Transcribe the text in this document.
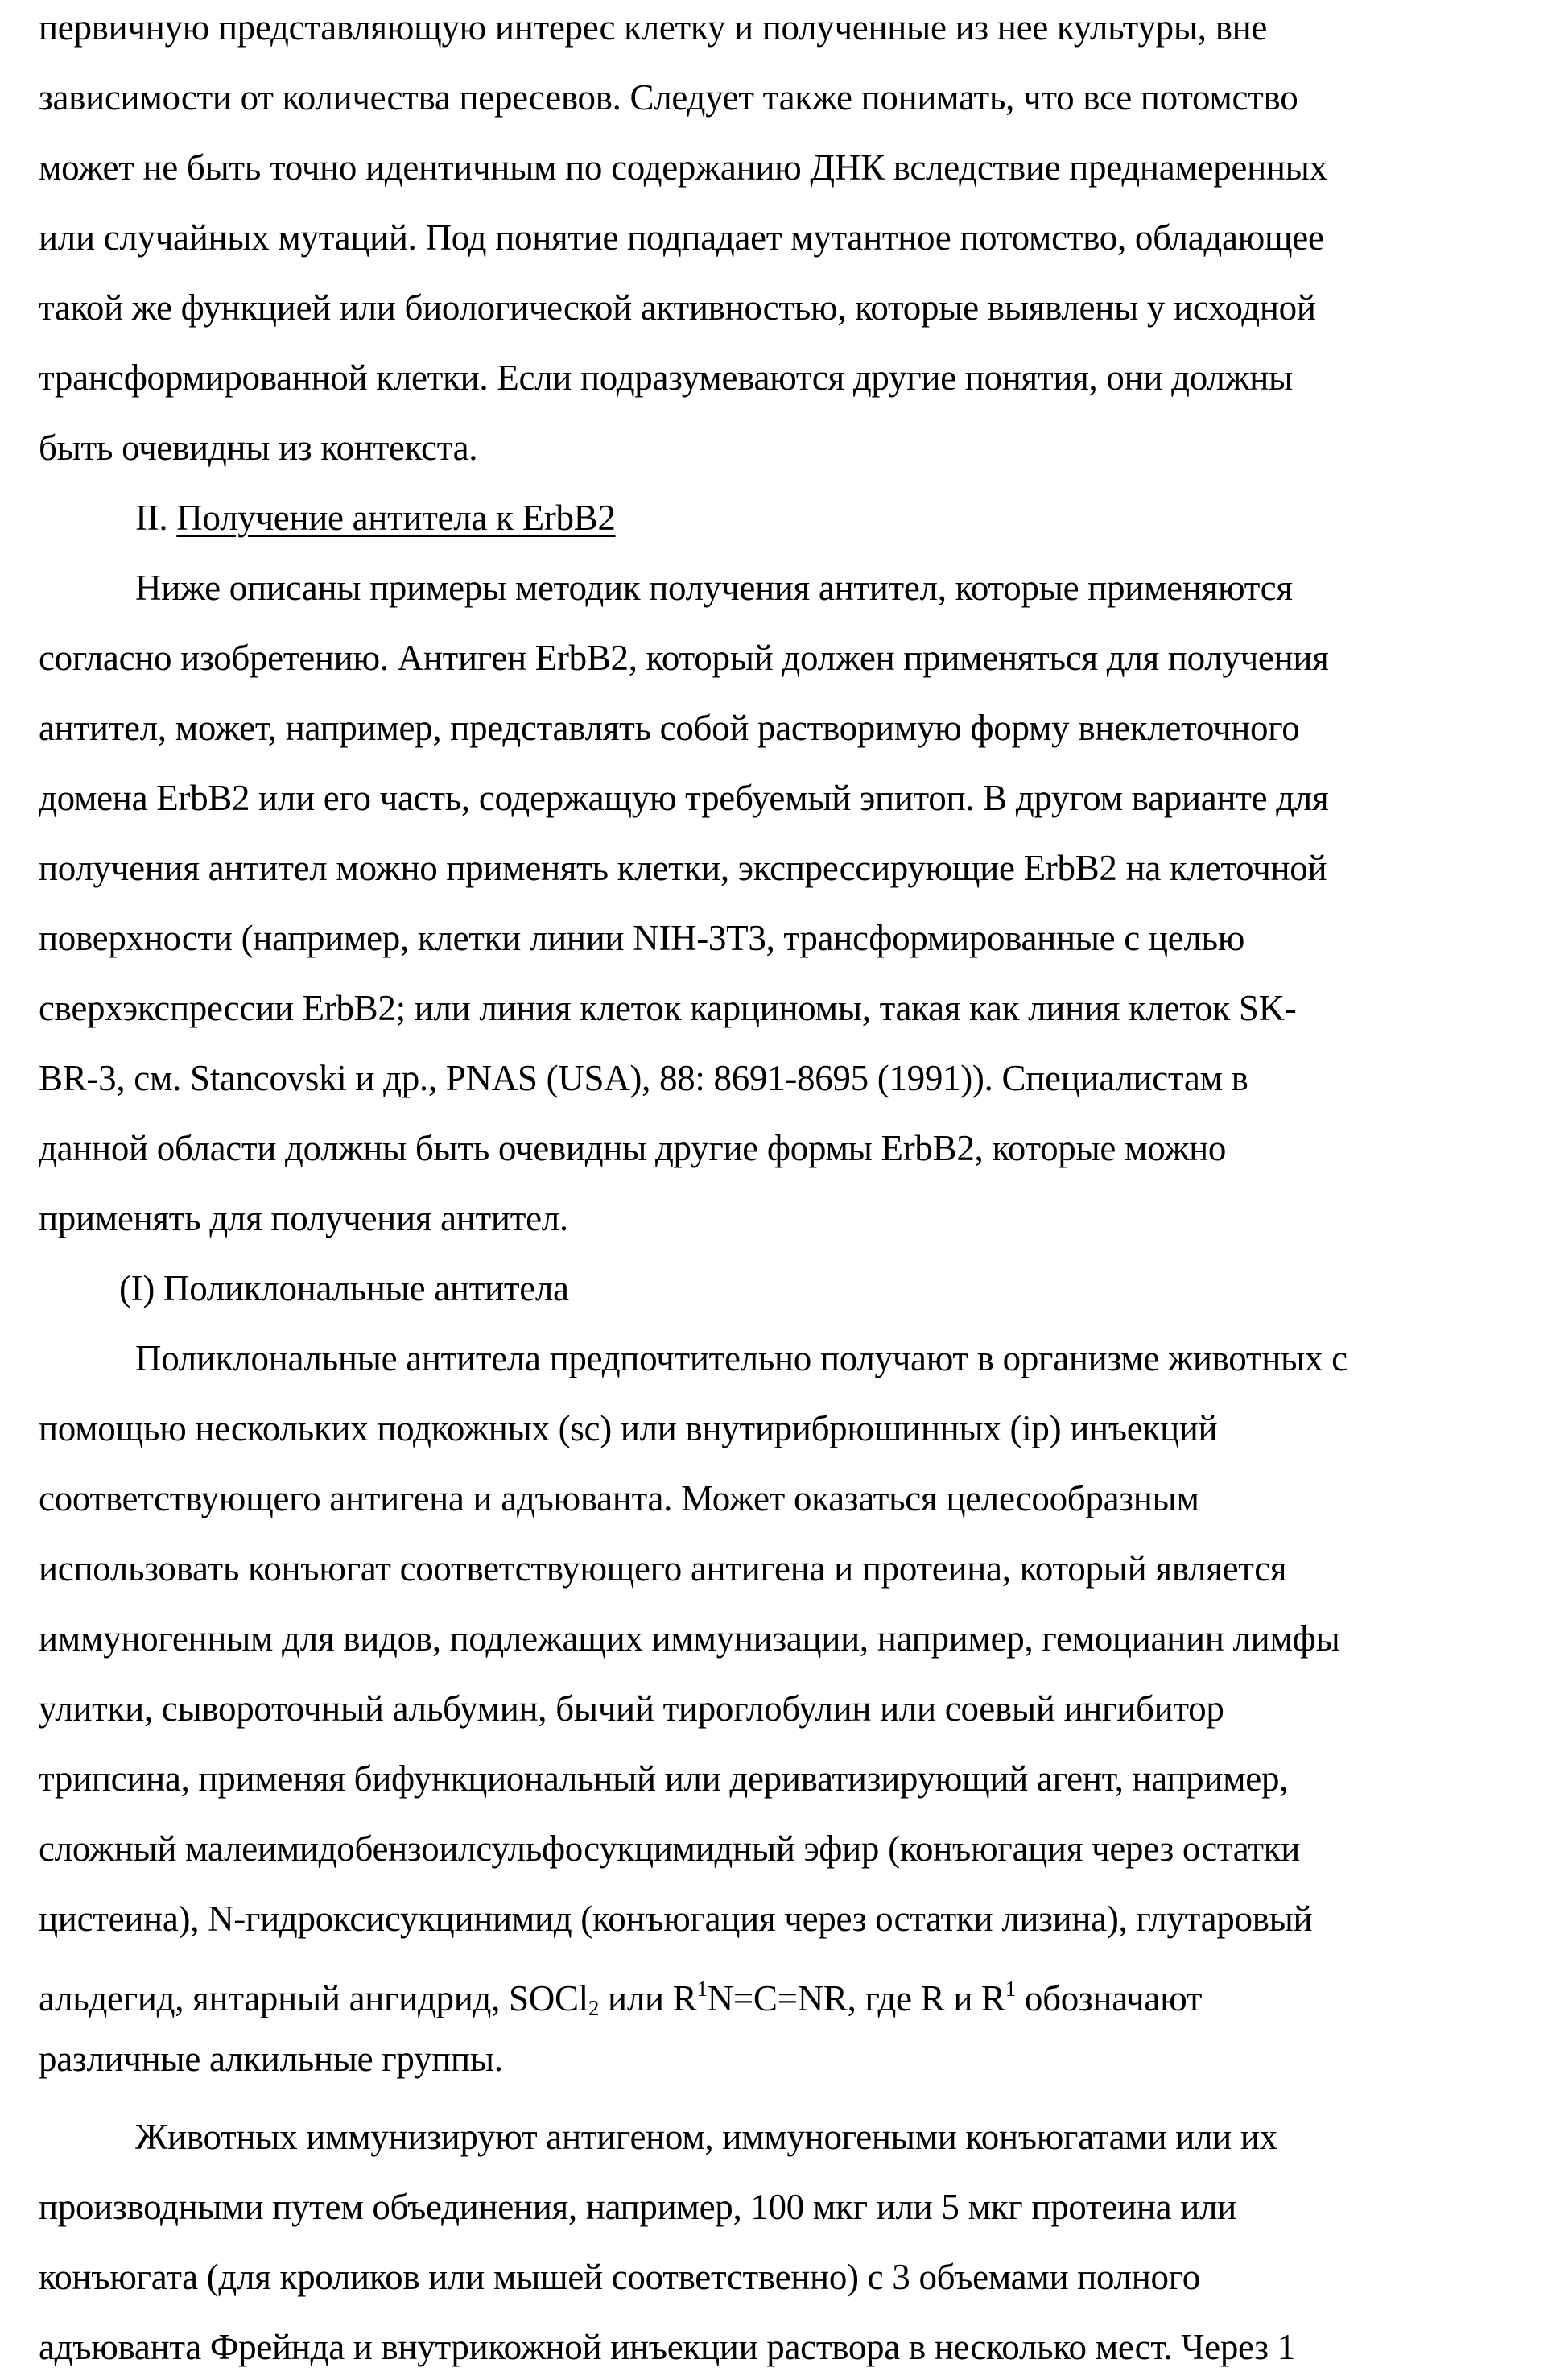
первичную представляющую интерес клетку и полученные из нее культуры, вне
зависимости от количества пересевов. Следует также понимать, что все потомство
может не быть точно идентичным по содержанию ДНК вследствие преднамеренных
или случайных мутаций. Под понятие подпадает мутантное потомство, обладающее
такой же функцией или биологической активностью, которые выявлены у исходной
трансформированной клетки. Если подразумеваются другие понятия, они должны
быть очевидны из контекста.
II. Получение антитела к ErbB2
Ниже описаны примеры методик получения антител, которые применяются
согласно изобретению. Антиген ErbB2, который должен применяться для получения
антител, может, например, представлять собой растворимую форму внеклеточного
домена ErbB2 или его часть, содержащую требуемый эпитоп. В другом варианте для
получения антител можно применять клетки, экспрессирующие ErbB2 на клеточной
поверхности (например, клетки линии NIH-3T3, трансформированные с целью
сверхэкспрессии ErbB2; или линия клеток карциномы, такая как линия клеток SK-
BR-3, см. Stancovski и др., PNAS (USA), 88: 8691-8695 (1991)). Специалистам в
данной области должны быть очевидны другие формы ErbB2, которые можно
применять для получения антител.
(I) Поликлональные антитела
Поликлональные антитела предпочтительно получают в организме животных с
помощью нескольких подкожных (sc) или внутирибрюшинных (ip) инъекций
соответствующего антигена и адъюванта. Может оказаться целесообразным
использовать конъюгат соответствующего антигена и протеина, который является
иммуногенным для видов, подлежащих иммунизации, например, гемоцианин лимфы
улитки, сывороточный альбумин, бычий тироглобулин или соевый ингибитор
трипсина, применяя бифункциональный или дериватизирующий агент, например,
сложный малеимидобензоилсульфосукцимидный эфир (конъюгация через остатки
цистеина), N-гидроксисукцинимид (конъюгация через остатки лизина), глутаровый
альдегид, янтарный ангидрид, SOCl$_2$ или $R^1N=C=NR$, где R и $R^1$ обозначают
различные алкильные группы.
Животных иммунизируют антигеном, иммуногеными конъюгатами или их
производными путем объединения, например, 100 мкг или 5 мкг протеина или
конъюгата (для кроликов или мышей соответственно) с 3 объемами полного
адъюванта Фрейнда и внутрикожной инъекции раствора в несколько мест. Через 1
